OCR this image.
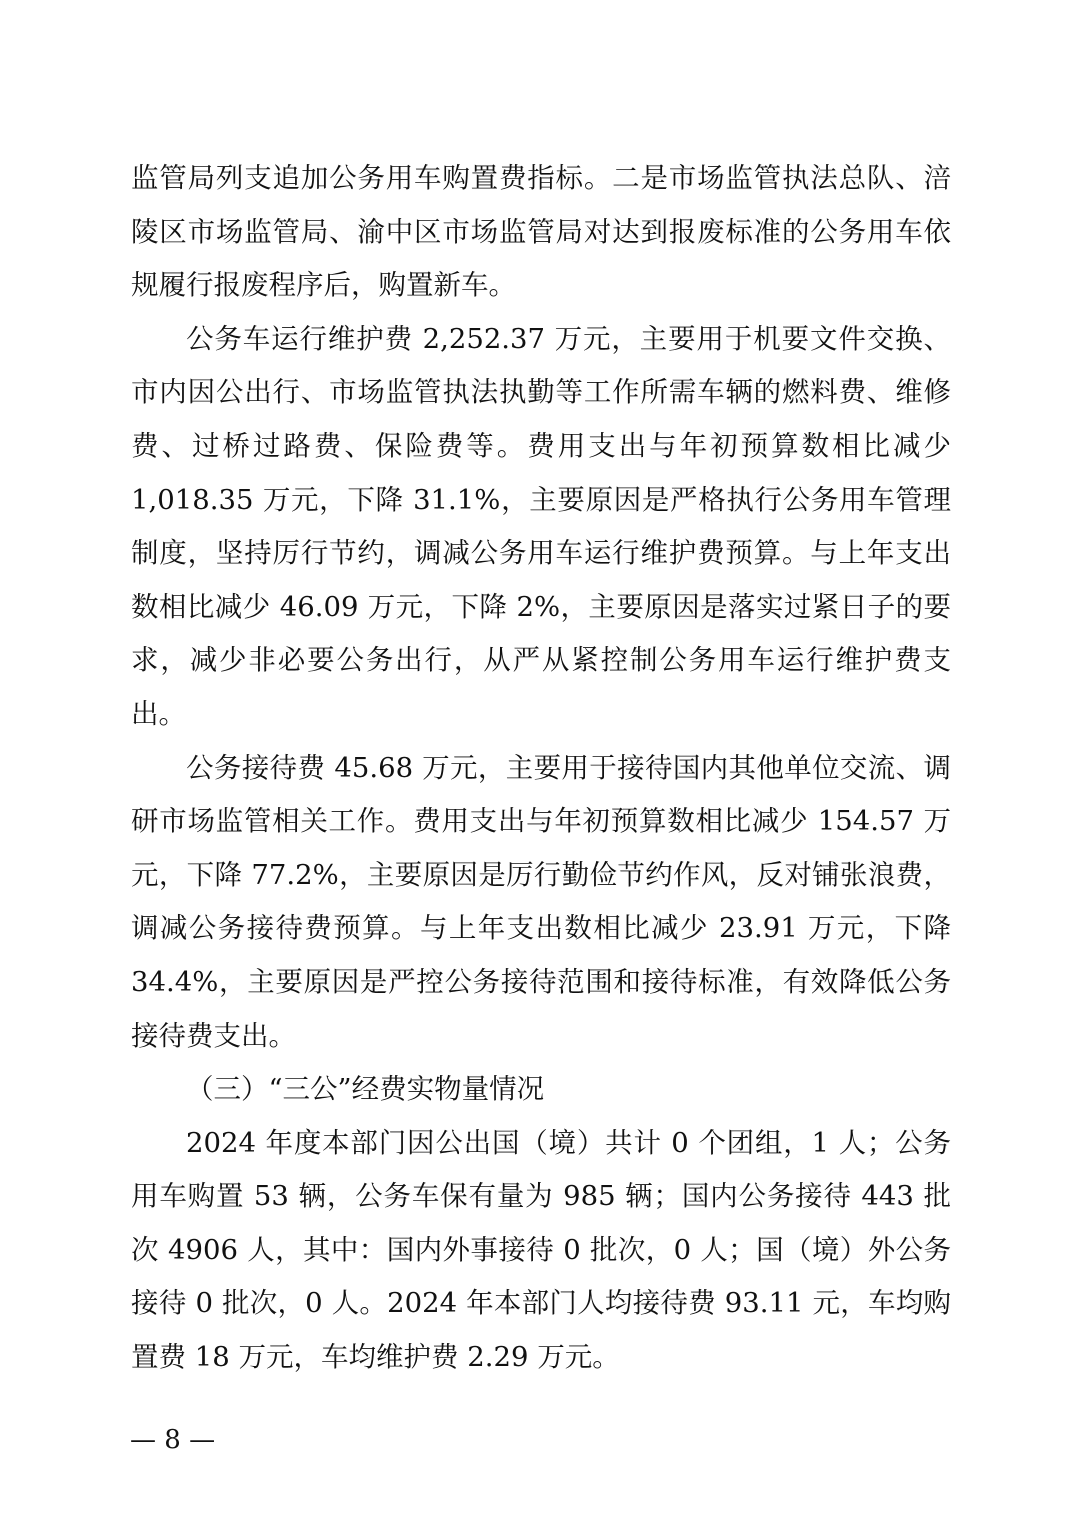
监管局列支追加公务用车购置费指标。二是市场监管执法总队、涪陵区市场监管局、渝中区市场监管局对达到报废标准的公务用车依规履行报废程序后，购置新车。

公务车运行维护费 2,252.37 万元，主要用于机要文件交换、市内因公出行、市场监管执法执勤等工作所需车辆的燃料费、维修费、过桥过路费、保险费等。费用支出与年初预算数相比减少 1,018.35 万元，下降 31.1%，主要原因是严格执行公务用车管理制度，坚持厉行节约，调减公务用车运行维护费预算。与上年支出数相比减少 46.09 万元，下降 2%，主要原因是落实过紧日子的要求，减少非必要公务出行，从严从紧控制公务用车运行维护费支出。

公务接待费 45.68 万元，主要用于接待国内其他单位交流、调研市场监管相关工作。费用支出与年初预算数相比减少 154.57 万元，下降 77.2%，主要原因是厉行勤俭节约作风，反对铺张浪费，调减公务接待费预算。与上年支出数相比减少 23.91 万元，下降 34.4%，主要原因是严控公务接待范围和接待标准，有效降低公务接待费支出。

（三）“三公”经费实物量情况

2024 年度本部门因公出国（境）共计 0 个团组，1 人；公务用车购置 53 辆，公务车保有量为 985 辆；国内公务接待 443 批次 4906 人，其中：国内外事接待 0 批次，0 人；国（境）外公务接待 0 批次，0 人。2024 年本部门人均接待费 93.11 元，车均购置费 18 万元，车均维护费 2.29 万元。

— 8 —
